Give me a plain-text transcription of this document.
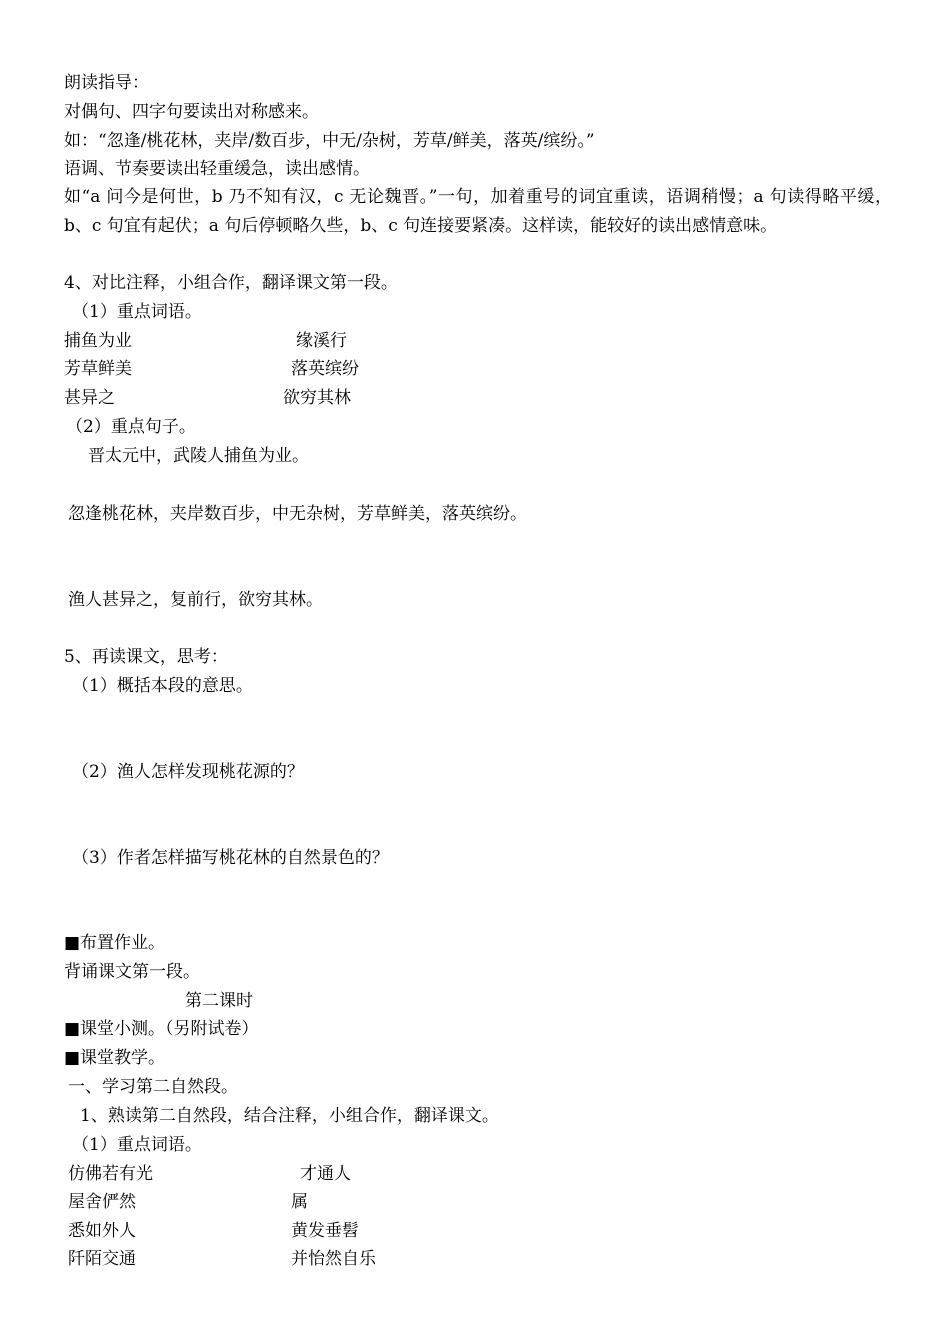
朗读指导：
对偶句、四字句要读出对称感来。
如：“忽逢/桃花林，夹岸/数百步，中无/杂树，芳草/鲜美，落英/缤纷。”
语调、节奏要读出轻重缓急，读出感情。
如“a 问今是何世，b 乃不知有汉，c 无论魏晋。”一句，加着重号的词宜重读，语调稍慢；a 句读得略平缓，b、c 句宜有起伏；a 句后停顿略久些，b、c 句连接要紧凑。这样读，能较好的读出感情意味。
4、对比注释，小组合作，翻译课文第一段。
（1）重点词语。
捕鱼为业	缘溪行
芳草鲜美	落英缤纷
甚异之	欲穷其林
（2）重点句子。
晋太元中，武陵人捕鱼为业。
忽逢桃花林，夹岸数百步，中无杂树，芳草鲜美，落英缤纷。
渔人甚异之，复前行，欲穷其林。
5、再读课文，思考：
（1）概括本段的意思。
（2）渔人怎样发现桃花源的？
（3）作者怎样描写桃花林的自然景色的？
■布置作业。
背诵课文第一段。
第二课时
■课堂小测。（另附试卷）
■课堂教学。
一、学习第二自然段。
1、熟读第二自然段，结合注释，小组合作，翻译课文。
（1）重点词语。
仿佛若有光	才通人
屋舍俨然	属
悉如外人	黄发垂髫
阡陌交通	并怡然自乐
